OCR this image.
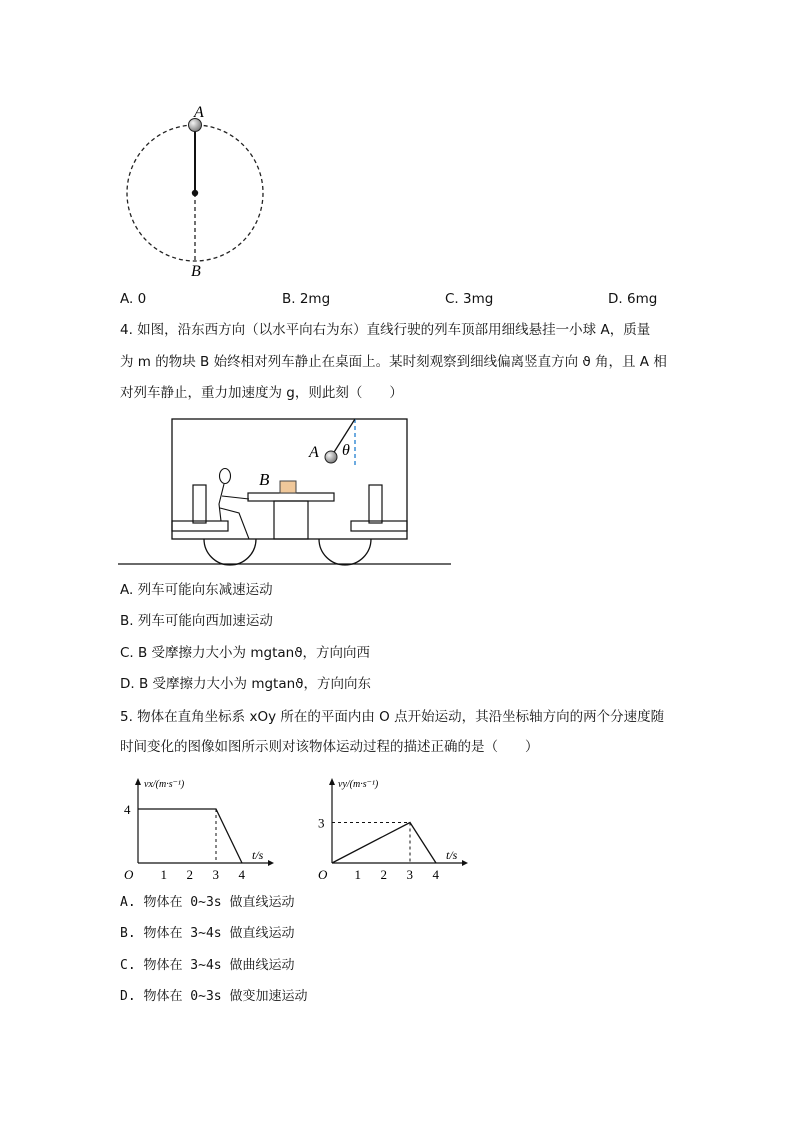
A
B
A. 0	B. 2mg	C. 3mg	D. 6mg
4. 如图，沿东西方向（以水平向右为东）直线行驶的列车顶部用细线悬挂一小球 A，质量
为 m 的物块 B 始终相对列车静止在桌面上。某时刻观察到细线偏离竖直方向 ϑ 角，且 A 相
对列车静止，重力加速度为 g，则此刻（　　）
B
A θ
A. 列车可能向东减速运动
B. 列车可能向西加速运动
C. B 受摩擦力大小为 mgtanϑ，方向向西
D. B 受摩擦力大小为 mgtanϑ，方向向东
5. 物体在直角坐标系 xOy 所在的平面内由 O 点开始运动，其沿坐标轴方向的两个分速度随
时间变化的图像如图所示则对该物体运动过程的描述正确的是（　　）
vx/(m·s⁻¹)
t/s
O 1 2 3 4
4
vy/(m·s⁻¹)
t/s
O 1 2 3 4
3
A. 物体在 0~3s 做直线运动
B. 物体在 3~4s 做直线运动
C. 物体在 3~4s 做曲线运动
D. 物体在 0~3s 做变加速运动
